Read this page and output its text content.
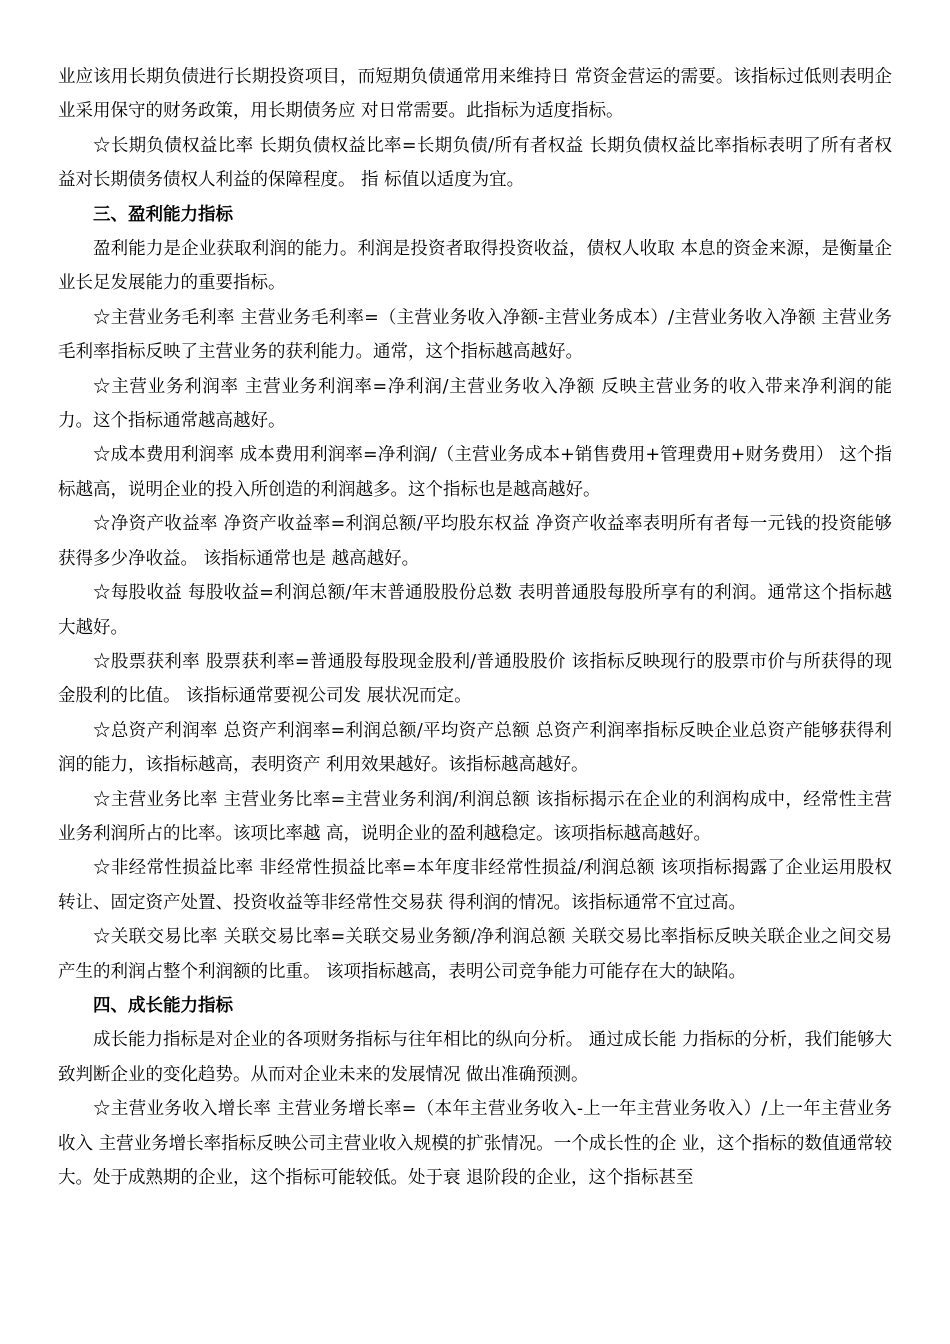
业应该用长期负债进行长期投资项目，而短期负债通常用来维持日 常资金营运的需要。该指标过低则表明企业采用保守的财务政策，用长期债务应 对日常需要。此指标为适度指标。

☆长期负债权益比率 长期负债权益比率=长期负债/所有者权益 长期负债权益比率指标表明了所有者权益对长期债务债权人利益的保障程度。 指 标值以适度为宜。

三、盈利能力指标

盈利能力是企业获取利润的能力。利润是投资者取得投资收益，债权人收取 本息的资金来源，是衡量企业长足发展能力的重要指标。

☆主营业务毛利率 主营业务毛利率=（主营业务收入净额-主营业务成本）/主营业务收入净额 主营业务毛利率指标反映了主营业务的获利能力。通常，这个指标越高越好。

☆主营业务利润率 主营业务利润率=净利润/主营业务收入净额 反映主营业务的收入带来净利润的能力。这个指标通常越高越好。

☆成本费用利润率 成本费用利润率=净利润/（主营业务成本+销售费用+管理费用+财务费用） 这个指标越高，说明企业的投入所创造的利润越多。这个指标也是越高越好。

☆净资产收益率 净资产收益率=利润总额/平均股东权益 净资产收益率表明所有者每一元钱的投资能够获得多少净收益。 该指标通常也是 越高越好。

☆每股收益 每股收益=利润总额/年末普通股股份总数 表明普通股每股所享有的利润。通常这个指标越大越好。

☆股票获利率 股票获利率=普通股每股现金股利/普通股股价 该指标反映现行的股票市价与所获得的现金股利的比值。 该指标通常要视公司发 展状况而定。

☆总资产利润率 总资产利润率=利润总额/平均资产总额 总资产利润率指标反映企业总资产能够获得利润的能力，该指标越高，表明资产 利用效果越好。该指标越高越好。

☆主营业务比率 主营业务比率=主营业务利润/利润总额 该指标揭示在企业的利润构成中，经常性主营业务利润所占的比率。该项比率越 高，说明企业的盈利越稳定。该项指标越高越好。

☆非经常性损益比率 非经常性损益比率=本年度非经常性损益/利润总额 该项指标揭露了企业运用股权转让、固定资产处置、投资收益等非经常性交易获 得利润的情况。该指标通常不宜过高。

☆关联交易比率 关联交易比率=关联交易业务额/净利润总额 关联交易比率指标反映关联企业之间交易产生的利润占整个利润额的比重。 该项指标越高，表明公司竞争能力可能存在大的缺陷。

四、成长能力指标

成长能力指标是对企业的各项财务指标与往年相比的纵向分析。 通过成长能 力指标的分析，我们能够大致判断企业的变化趋势。从而对企业未来的发展情况 做出准确预测。

☆主营业务收入增长率 主营业务增长率=（本年主营业务收入-上一年主营业务收入）/上一年主营业务 收入 主营业务增长率指标反映公司主营业收入规模的扩张情况。一个成长性的企 业，这个指标的数值通常较大。处于成熟期的企业，这个指标可能较低。处于衰 退阶段的企业，这个指标甚至
